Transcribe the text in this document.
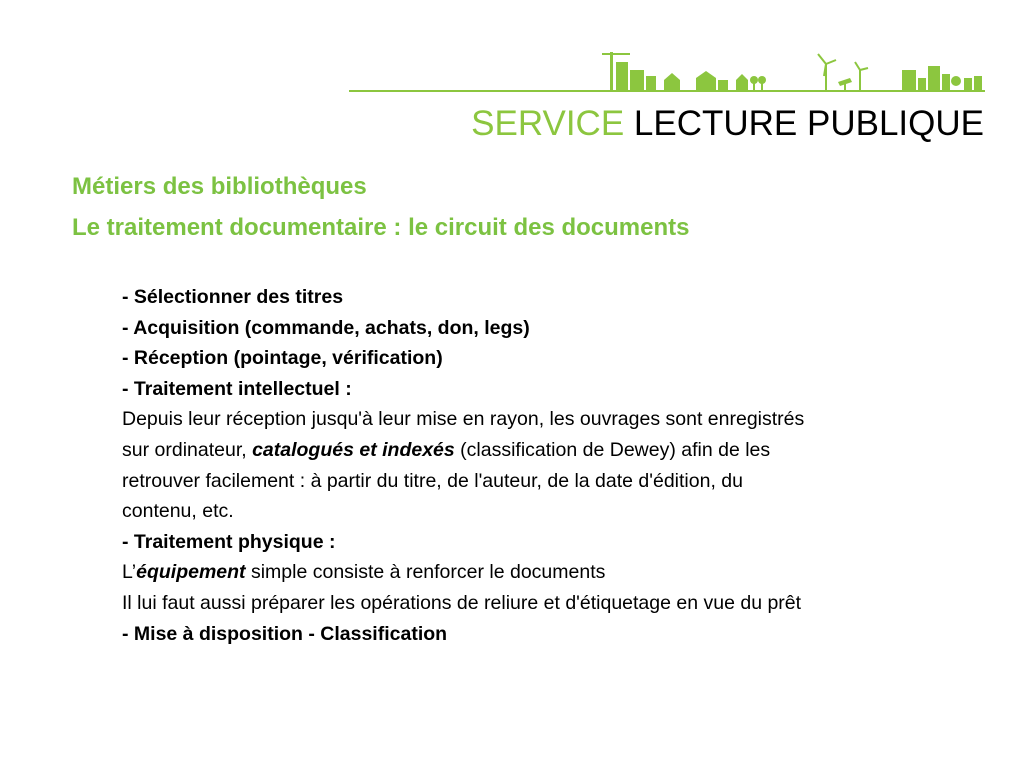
SERVICE LECTURE PUBLIQUE
Métiers des bibliothèques
Le traitement documentaire : le circuit des documents
- Sélectionner des titres
- Acquisition (commande, achats, don, legs)
- Réception (pointage, vérification)
- Traitement intellectuel :
Depuis leur réception jusqu'à leur mise en rayon, les ouvrages sont enregistrés
sur ordinateur, catalogués et indexés (classification de Dewey) afin de les
retrouver facilement : à partir du titre, de l'auteur, de la date d'édition, du
contenu, etc.
- Traitement physique :
L’équipement simple consiste à renforcer le documents
Il lui faut aussi préparer les opérations de reliure et d'étiquetage en vue du prêt
- Mise à disposition - Classification
